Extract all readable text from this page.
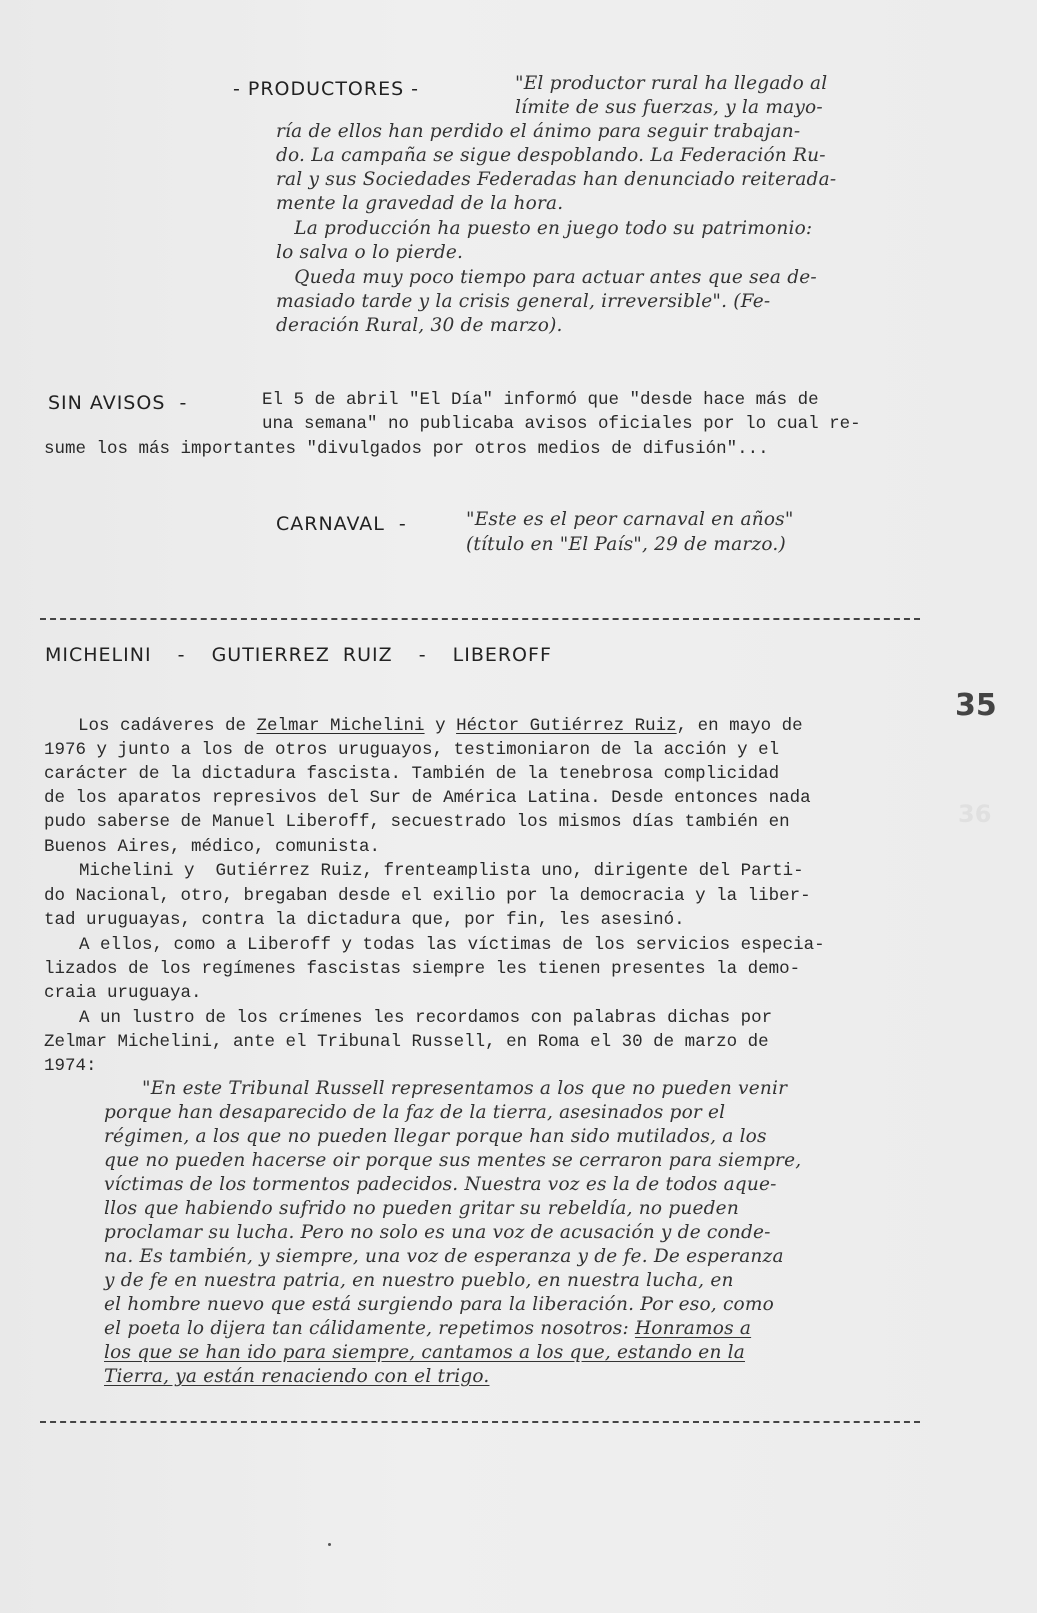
- PRODUCTORES -	"El productor rural ha llegado al
límite de sus fuerzas, y la mayo-
ría de ellos han perdido el ánimo para seguir trabajan-
do. La campaña se sigue despoblando. La Federación Ru-
ral y sus Sociedades Federadas han denunciado reiterada-
mente la gravedad de la hora.
La producción ha puesto en juego todo su patrimonio:
lo salva o lo pierde.
Queda muy poco tiempo para actuar antes que sea de-
masiado tarde y la crisis general, irreversible". (Fe-
deración Rural, 30 de marzo).
SIN AVISOS  -	El 5 de abril "El Día" informó que "desde hace más de
una semana" no publicaba avisos oficiales por lo cual re-
sume los más importantes "divulgados por otros medios de difusión"...
CARNAVAL  -	"Este es el peor carnaval en años"
(título en "El País", 29 de marzo.)
MICHELINI  -  GUTIERREZ RUIZ  -  LIBEROFF
Los cadáveres de Zelmar Michelini y Héctor Gutiérrez Ruiz, en mayo de
1976 y junto a los de otros uruguayos, testimoniaron de la acción y el
carácter de la dictadura fascista. También de la tenebrosa complicidad
de los aparatos represivos del Sur de América Latina. Desde entonces nada
pudo saberse de Manuel Liberoff, secuestrado los mismos días también en
Buenos Aires, médico, comunista.
Michelini y  Gutiérrez Ruiz, frenteamplista uno, dirigente del Parti-
do Nacional, otro, bregaban desde el exilio por la democracia y la liber-
tad uruguayas, contra la dictadura que, por fin, les asesinó.
A ellos, como a Liberoff y todas las víctimas de los servicios especia-
lizados de los regímenes fascistas siempre les tienen presentes la demo-
craia uruguaya.
A un lustro de los crímenes les recordamos con palabras dichas por
Zelmar Michelini, ante el Tribunal Russell, en Roma el 30 de marzo de
1974:
"En este Tribunal Russell representamos a los que no pueden venir
porque han desaparecido de la faz de la tierra, asesinados por el
régimen, a los que no pueden llegar porque han sido mutilados, a los
que no pueden hacerse oir porque sus mentes se cerraron para siempre,
víctimas de los tormentos padecidos. Nuestra voz es la de todos aque-
llos que habiendo sufrido no pueden gritar su rebeldía, no pueden
proclamar su lucha. Pero no solo es una voz de acusación y de conde-
na. Es también, y siempre, una voz de esperanza y de fe. De esperanza
y de fe en nuestra patria, en nuestro pueblo, en nuestra lucha, en
el hombre nuevo que está surgiendo para la liberación. Por eso, como
el poeta lo dijera tan cálidamente, repetimos nosotros: Honramos a
los que se han ido para siempre, cantamos a los que, estando en la
Tierra, ya están renaciendo con el trigo.
35
36
